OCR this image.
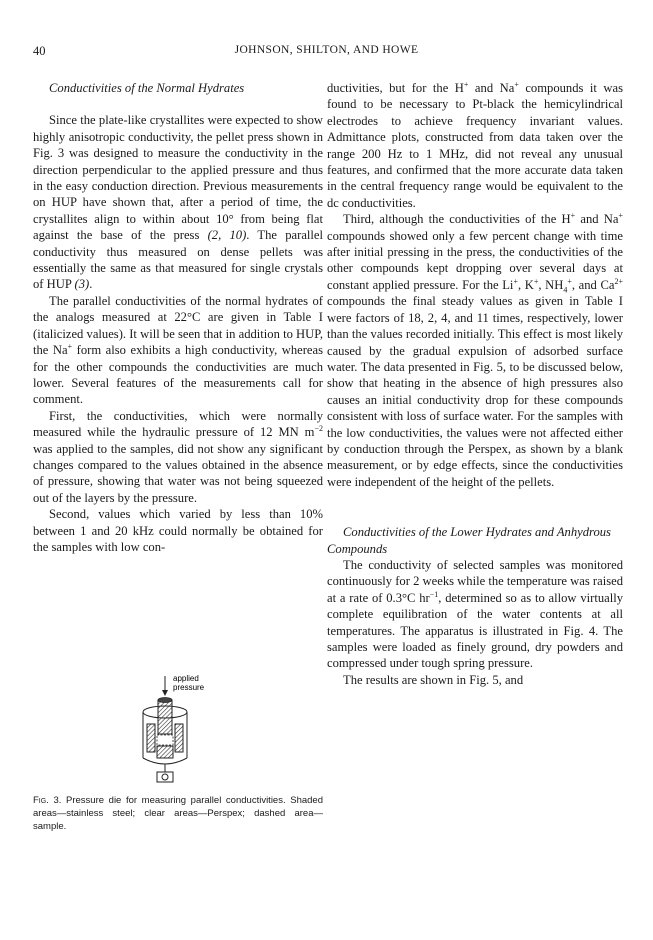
40	JOHNSON, SHILTON, AND HOWE

Conductivities of the Normal Hydrates

Since the plate-like crystallites were expected to show highly anisotropic conductivity, the pellet press shown in Fig. 3 was designed to measure the conductivity in the direction perpendicular to the applied pressure and thus in the easy conduction direction. Previous measurements on HUP have shown that, after a period of time, the crystallites align to within about 10° from being flat against the base of the press (2, 10). The parallel conductivity thus measured on dense pellets was essentially the same as that measured for single crystals of HUP (3).

The parallel conductivities of the normal hydrates of the analogs measured at 22°C are given in Table I (italicized values). It will be seen that in addition to HUP, the Na+ form also exhibits a high conductivity, whereas for the other compounds the conductivities are much lower. Several features of the measurements call for comment.

First, the conductivities, which were normally measured while the hydraulic pressure of 12 MN $m^{-2}$ was applied to the samples, did not show any significant changes compared to the values obtained in the absence of pressure, showing that water was not being squeezed out of the layers by the pressure.

Second, values which varied by less than 10% between 1 and 20 kHz could normally be obtained for the samples with low con-

applied
pressure
Fig. 3. Pressure die for measuring parallel conductivities. Shaded areas—stainless steel; clear areas—Perspex; dashed area—sample.

ductivities, but for the H+ and Na+ compounds it was found to be necessary to Pt-black the hemicylindrical electrodes to achieve frequency invariant values. Admittance plots, constructed from data taken over the range 200 Hz to 1 MHz, did not reveal any unusual features, and confirmed that the more accurate data taken in the central frequency range would be equivalent to the dc conductivities.

Third, although the conductivities of the H+ and Na+ compounds showed only a few percent change with time after initial pressing in the press, the conductivities of the other compounds kept dropping over several days at constant applied pressure. For the Li+, K+, $NH_4^+$, and $Ca^{2+}$ compounds the final steady values as given in Table I were factors of 18, 2, 4, and 11 times, respectively, lower than the values recorded initially. This effect is most likely caused by the gradual expulsion of adsorbed surface water. The data presented in Fig. 5, to be discussed below, show that heating in the absence of high pressures also causes an initial conductivity drop for these compounds consistent with loss of surface water. For the samples with the low conductivities, the values were not affected either by conduction through the Perspex, as shown by a blank measurement, or by edge effects, since the conductivities were independent of the height of the pellets.

Conductivities of the Lower Hydrates and Anhydrous Compounds

The conductivity of selected samples was monitored continuously for 2 weeks while the temperature was raised at a rate of 0.3°C $hr^{-1}$, determined so as to allow virtually complete equilibration of the water contents at all temperatures. The apparatus is illustrated in Fig. 4. The samples were loaded as finely ground, dry powders and compressed under tough spring pressure.

The results are shown in Fig. 5, and
